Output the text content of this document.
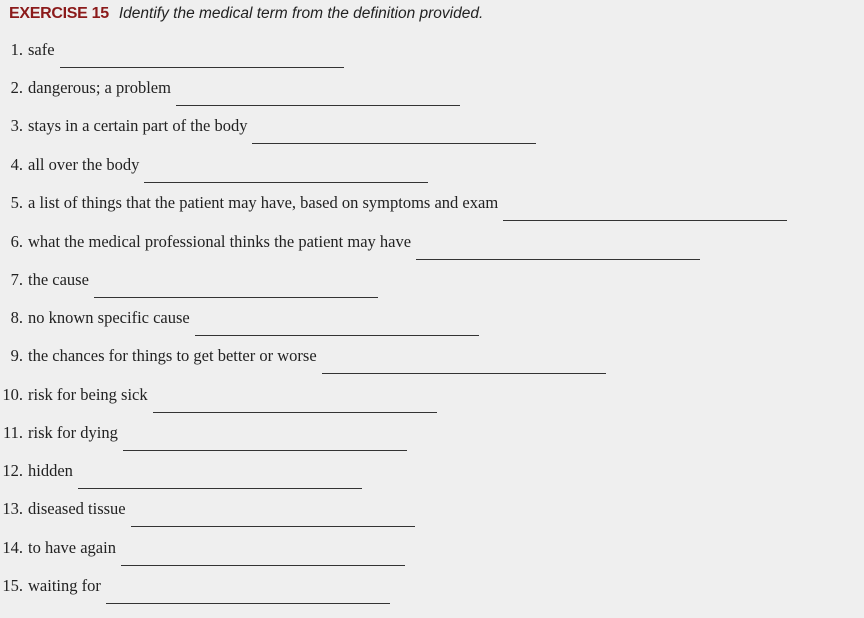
EXERCISE 15 Identify the medical term from the definition provided.
1. safe
2. dangerous; a problem
3. stays in a certain part of the body
4. all over the body
5. a list of things that the patient may have, based on symptoms and exam
6. what the medical professional thinks the patient may have
7. the cause
8. no known specific cause
9. the chances for things to get better or worse
10. risk for being sick
11. risk for dying
12. hidden
13. diseased tissue
14. to have again
15. waiting for
